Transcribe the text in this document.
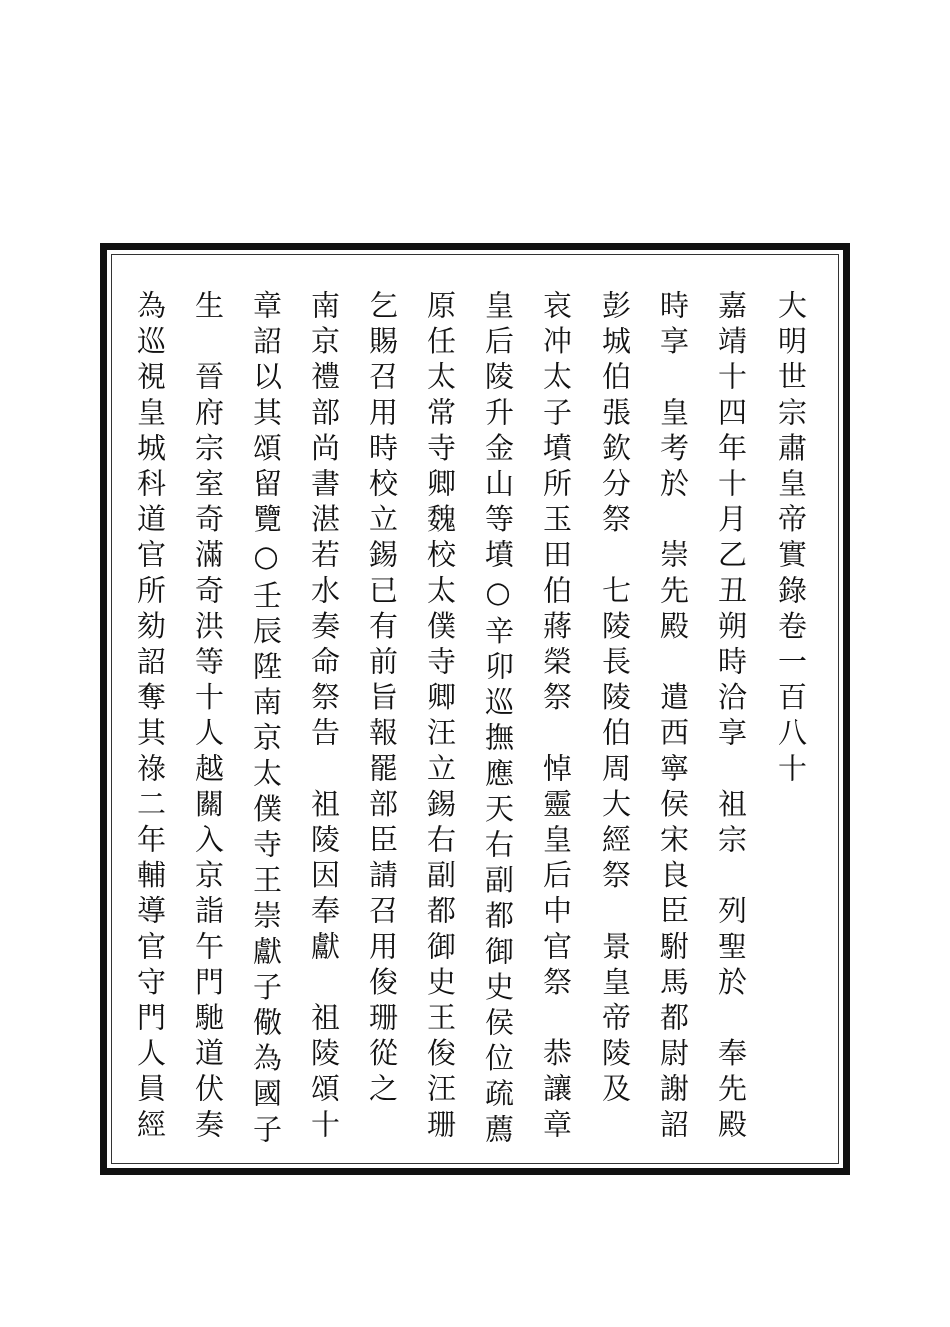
大明世宗肅皇帝實錄卷一百八十
嘉靖十四年十月乙丑朔時洽享　祖宗　列聖於　奉先殿
時享　皇考於　崇先殿　遣西寧侯宋良臣駙馬都尉謝詔
彭城伯張欽分祭　七陵長陵伯周大經祭　景皇帝陵及
哀冲太子墳所玉田伯蔣榮祭　悼靈皇后中官祭　恭讓章
皇后陵升金山等墳○辛卯巡撫應天右副都御史侯位疏薦
原任太常寺卿魏校太僕寺卿汪立錫右副都御史王俊汪珊
乞賜召用時校立錫已有前旨報罷部臣請召用俊珊從之
南京禮部尚書湛若水奏命祭告　祖陵因奉獻　祖陵頌十
章詔以其頌留覽○壬辰陞南京太僕寺王崇獻子儆為國子
生　晉府宗室奇滿奇洪等十人越關入京詣午門馳道伏奏
為巡視皇城科道官所劾詔奪其祿二年輔導官守門人員經
